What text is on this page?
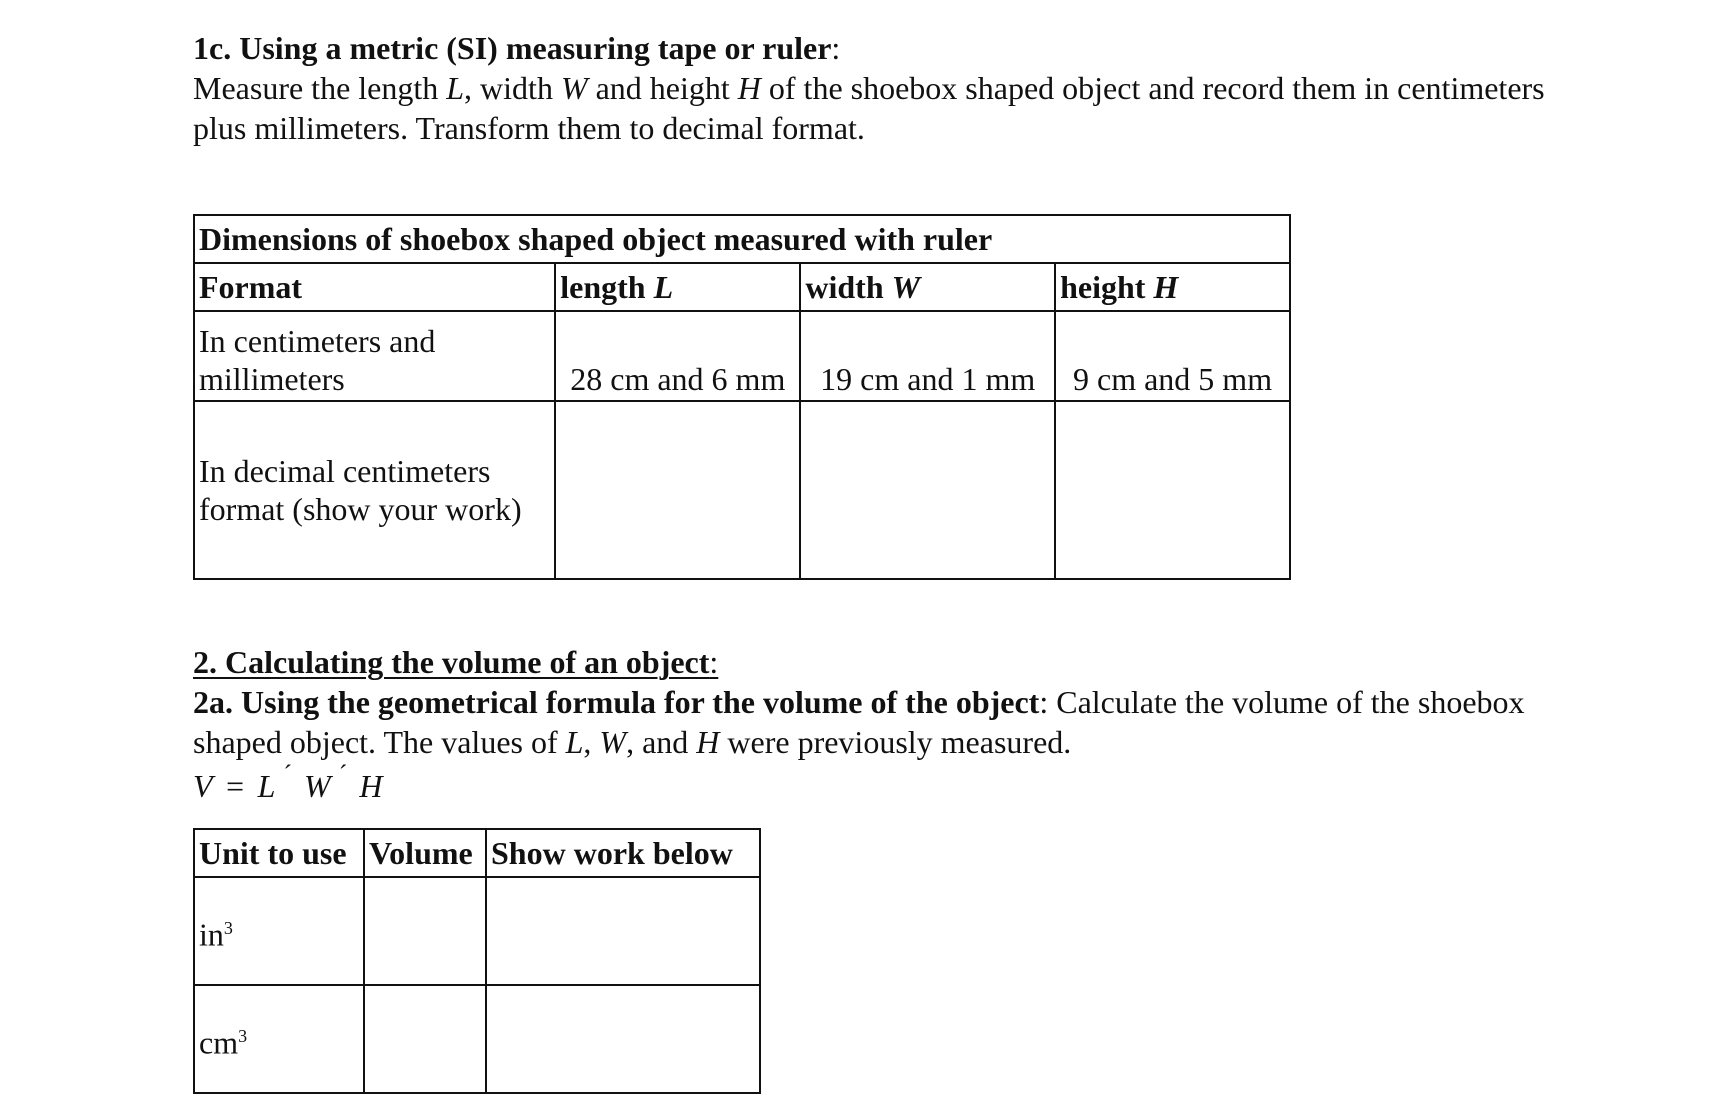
1c. Using a metric (SI) measuring tape or ruler:

Measure the length L, width W and height H of the shoebox shaped object and record them in centimeters plus millimeters. Transform them to decimal format.

Dimensions of shoebox shaped object measured with ruler			
Format	length L	width W	height H
In centimeters and millimeters	28 cm and 6 mm	19 cm and 1 mm	9 cm and 5 mm
In decimal centimeters format (show your work)			

2. Calculating the volume of an object:

2a. Using the geometrical formula for the volume of the object: Calculate the volume of the shoebox shaped object. The values of L, W, and H were previously measured.

V = L ´ W ´ H
Unit to use	Volume	Show work below
$in^3$		
$cm^3$		
